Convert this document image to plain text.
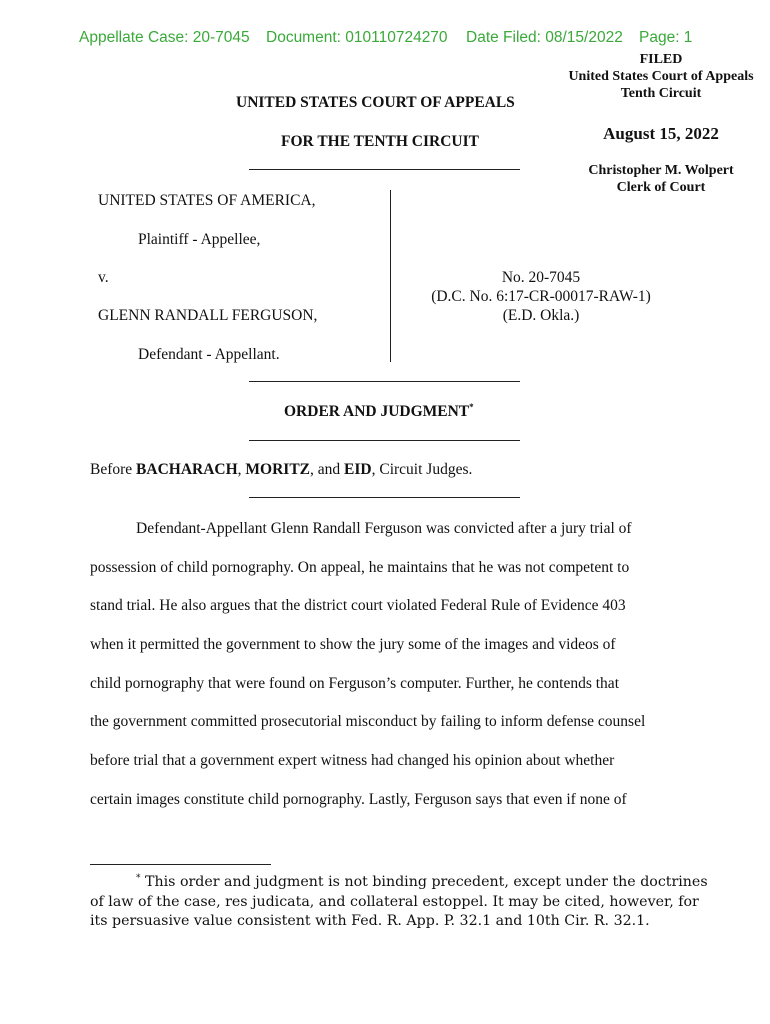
Appellate Case: 20-7045 Document: 010110724270 Date Filed: 08/15/2022 Page: 1
FILED
United States Court of Appeals
Tenth Circuit
August 15, 2022
Christopher M. Wolpert
Clerk of Court
UNITED STATES COURT OF APPEALS
FOR THE TENTH CIRCUIT
UNITED STATES OF AMERICA,
Plaintiff - Appellee,
v.
GLENN RANDALL FERGUSON,
Defendant - Appellant.
No. 20-7045
(D.C. No. 6:17-CR-00017-RAW-1)
(E.D. Okla.)
ORDER AND JUDGMENT*
Before BACHARACH, MORITZ, and EID, Circuit Judges.
Defendant-Appellant Glenn Randall Ferguson was convicted after a jury trial of
possession of child pornography. On appeal, he maintains that he was not competent to
stand trial. He also argues that the district court violated Federal Rule of Evidence 403
when it permitted the government to show the jury some of the images and videos of
child pornography that were found on Ferguson’s computer. Further, he contends that
the government committed prosecutorial misconduct by failing to inform defense counsel
before trial that a government expert witness had changed his opinion about whether
certain images constitute child pornography. Lastly, Ferguson says that even if none of
* This order and judgment is not binding precedent, except under the doctrines
of law of the case, res judicata, and collateral estoppel. It may be cited, however, for
its persuasive value consistent with Fed. R. App. P. 32.1 and 10th Cir. R. 32.1.
